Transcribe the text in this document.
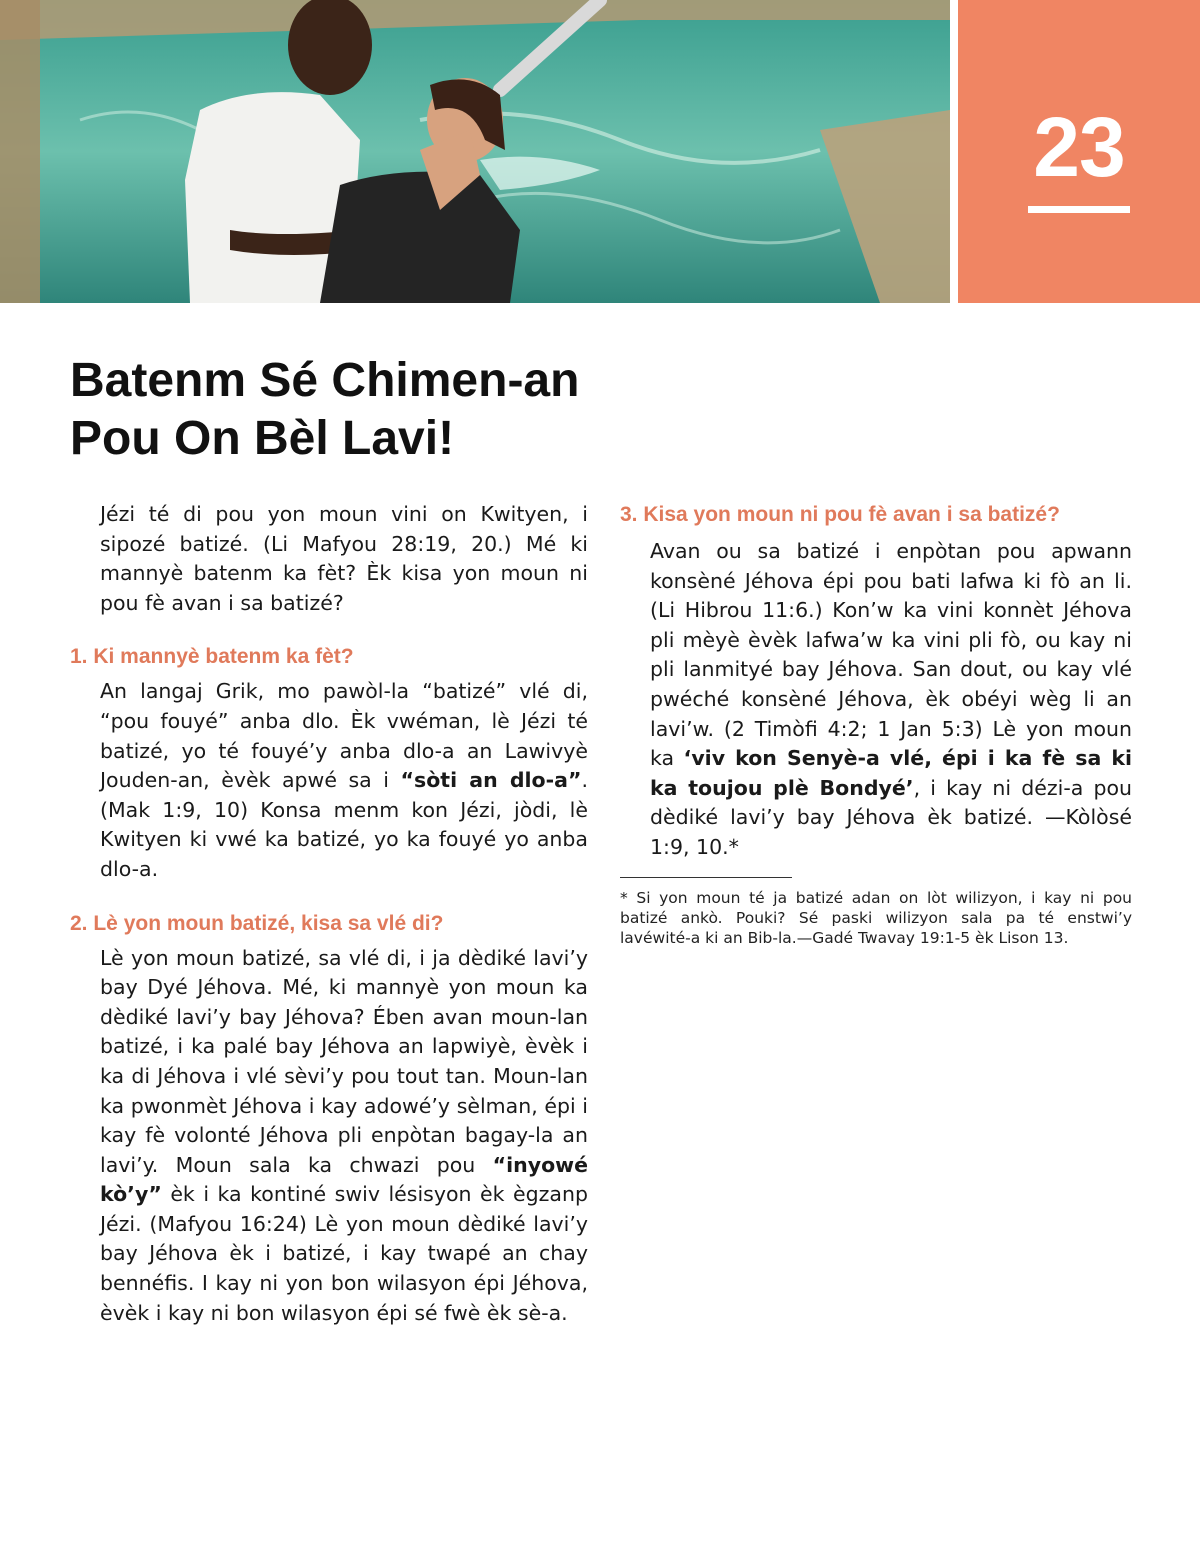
23
Batenm Sé Chimen-an
Pou On Bèl Lavi!

Jézi té di pou yon moun vini on Kwityen, i sipozé batizé. (Li Mafyou 28:19, 20.) Mé ki mannyè batenm ka fèt? Èk kisa yon moun ni pou fè avan i sa batizé?

1. Ki mannyè batenm ka fèt?

An langaj Grik, mo pawòl-la “batizé” vlé di, “pou fouyé” anba dlo. Èk vwéman, lè Jézi té batizé, yo té fouyé’y anba dlo-a an Lawivyè Jouden-an, èvèk apwé sa i “sòti an dlo-a”. (Mak 1:9, 10) Konsa menm kon Jézi, jòdi, lè Kwityen ki vwé ka batizé, yo ka fouyé yo anba dlo-a.

2. Lè yon moun batizé, kisa sa vlé di?

Lè yon moun batizé, sa vlé di, i ja dèdiké lavi’y bay Dyé Jéhova. Mé, ki mannyè yon moun ka dèdiké lavi’y bay Jéhova? Ében avan moun-lan batizé, i ka palé bay Jéhova an lapwiyè, èvèk i ka di Jéhova i vlé sèvi’y pou tout tan. Moun-lan ka pwonmèt Jéhova i kay adowé’y sèlman, épi i kay fè volonté Jéhova pli enpòtan bagay-la an lavi’y. Moun sala ka chwazi pou “inyowé kò’y” èk i ka kontiné swiv lésisyon èk ègzanp Jézi. (Mafyou 16:24) Lè yon moun dèdiké lavi’y bay Jéhova èk i batizé, i kay twapé an chay bennéfis. I kay ni yon bon wilasyon épi Jéhova, èvèk i kay ni bon wilasyon épi sé fwè èk sè-a.

3. Kisa yon moun ni pou fè avan i sa batizé?

Avan ou sa batizé i enpòtan pou apwann konsèné Jéhova épi pou bati lafwa ki fò an li. (Li Hibrou 11:6.) Kon’w ka vini konnèt Jéhova pli mèyè èvèk lafwa’w ka vini pli fò, ou kay ni pli lanmityé bay Jéhova. San dout, ou kay vlé pwéché konsèné Jéhova, èk obéyi wèg li an lavi’w. (2 Timòfi 4:2; 1 Jan 5:3) Lè yon moun ka ‘viv kon Senyè-a vlé, épi i ka fè sa ki ka toujou plè Bondyé’, i kay ni dézi-a pou dèdiké lavi’y bay Jéhova èk batizé. —Kòlòsé 1:9, 10.*

* Si yon moun té ja batizé adan on lòt wilizyon, i kay ni pou batizé ankò. Pouki? Sé paski wilizyon sala pa té enstwi’y lavéwité-a ki an Bib-la.—Gadé Twavay 19:1-5 èk Lison 13.
